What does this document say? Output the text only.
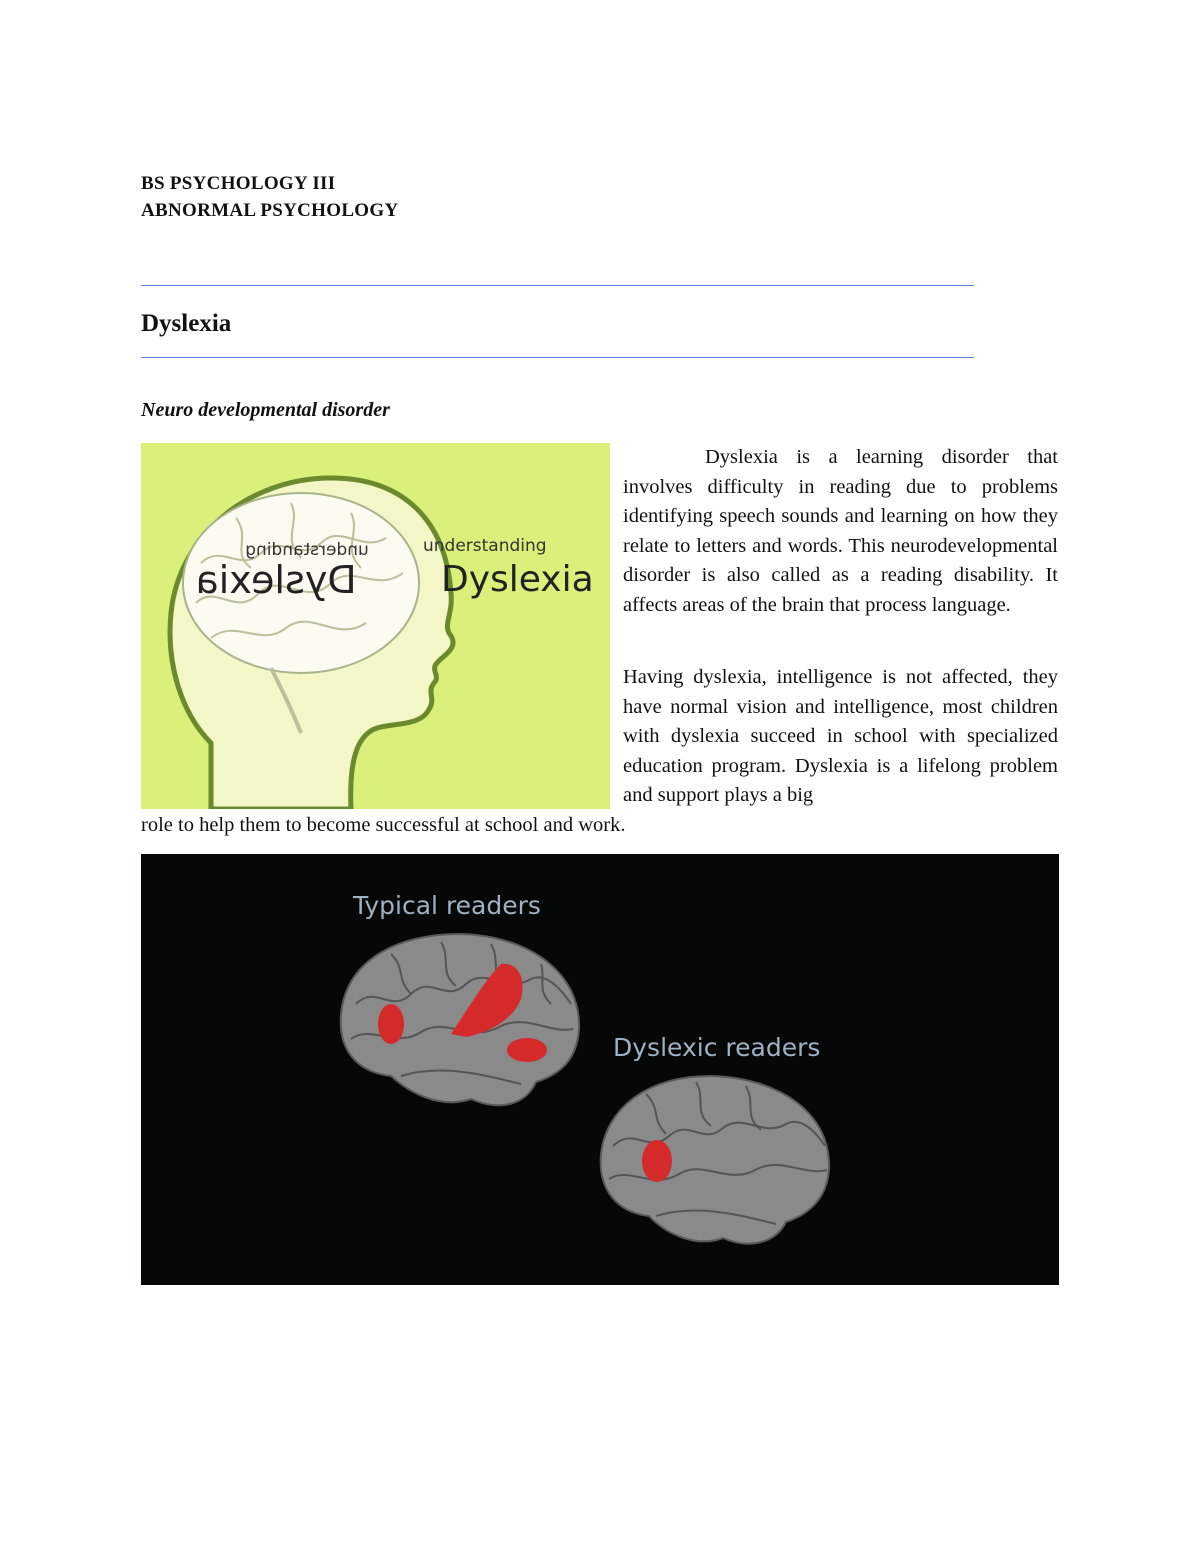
BS PSYCHOLOGY III
ABNORMAL PSYCHOLOGY
Dyslexia
Neuro developmental disorder
understanding
Dyslexia
understanding
Dyslexia

Dyslexia is a learning disorder that involves difficulty in reading due to problems identifying speech sounds and learning on how they relate to letters and words. This neurodevelopmental disorder is also called as a reading disability. It affects areas of the brain that process language.

Having dyslexia, intelligence is not affected, they have normal vision and intelligence, most children with dyslexia succeed in school with specialized education program. Dyslexia is a lifelong problem and support plays a big

role to help them to become successful at school and work.

Typical readers
Dyslexic readers
